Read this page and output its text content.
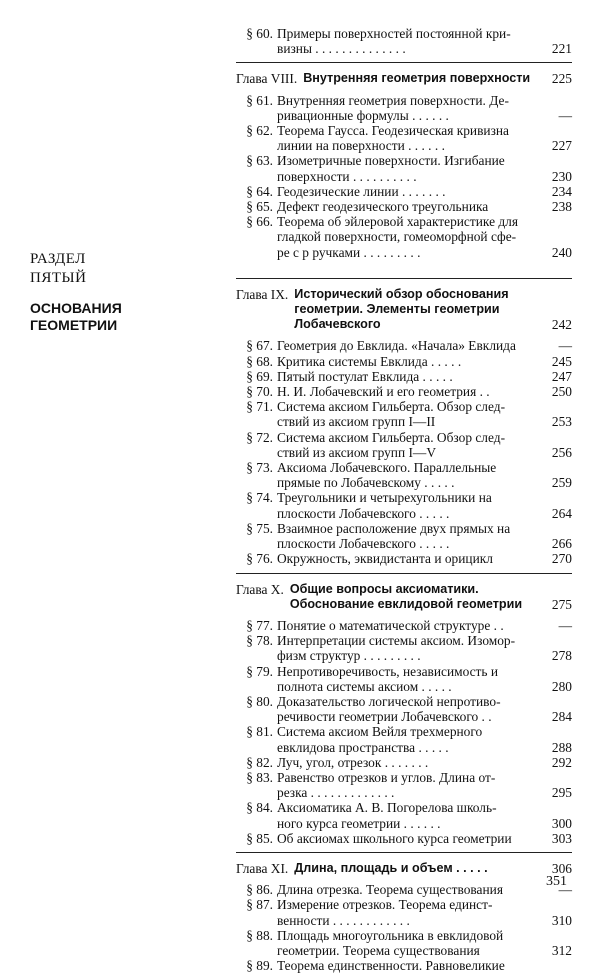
РАЗДЕЛ
ПЯТЫЙ
ОСНОВАНИЯ
ГЕОМЕТРИИ
§ 60. Примеры поверхностей постоянной кри-
визны . . . . . . . . . . . . . .	221
Глава VIII. Внутренняя геометрия поверхности	225
§ 61. Внутренняя геометрия поверхности. Де-
ривационные формулы . . . . . .	—
§ 62. Теорема Гаусса. Геодезическая кривизна
линии на поверхности . . . . . .	227
§ 63. Изометричные поверхности. Изгибание
поверхности . . . . . . . . . .	230
§ 64. Геодезические линии . . . . . . .	234
§ 65. Дефект геодезического треугольника	238
§ 66. Теорема об эйлеровой характеристике для
гладкой поверхности, гомеоморфной сфе-
ре с p ручками . . . . . . . . .	240
Глава IX. Исторический обзор обоснования
геометрии. Элементы геометрии
Лобачевского	242
§ 67. Геометрия до Евклида. «Начала» Евклида	—
§ 68. Критика системы Евклида . . . . .	245
§ 69. Пятый постулат Евклида . . . . .	247
§ 70. Н. И. Лобачевский и его геометрия . .	250
§ 71. Система аксиом Гильберта. Обзор след-
ствий из аксиом групп I—II	253
§ 72. Система аксиом Гильберта. Обзор след-
ствий из аксиом групп I—V	256
§ 73. Аксиома Лобачевского. Параллельные
прямые по Лобачевскому . . . . .	259
§ 74. Треугольники и четырехугольники на
плоскости Лобачевского . . . . .	264
§ 75. Взаимное расположение двух прямых на
плоскости Лобачевского . . . . .	266
§ 76. Окружность, эквидистанта и орицикл	270
Глава X. Общие вопросы аксиоматики.
Обоснование евклидовой геометрии	275
§ 77. Понятие о математической структуре . .	—
§ 78. Интерпретации системы аксиом. Изомор-
физм структур . . . . . . . . .	278
§ 79. Непротиворечивость, независимость и
полнота системы аксиом . . . . .	280
§ 80. Доказательство логической непротиво-
речивости геометрии Лобачевского . .	284
§ 81. Система аксиом Вейля трехмерного
евклидова пространства . . . . .	288
§ 82. Луч, угол, отрезок . . . . . . .	292
§ 83. Равенство отрезков и углов. Длина от-
резка . . . . . . . . . . . . .	295
§ 84. Аксиоматика А. В. Погорелова школь-
ного курса геометрии . . . . . .	300
§ 85. Об аксиомах школьного курса геометрии	303
Глава XI. Длина, площадь и объем . . . . .	306
§ 86. Длина отрезка. Теорема существования	—
§ 87. Измерение отрезков. Теорема единст-
венности . . . . . . . . . . . .	310
§ 88. Площадь многоугольника в евклидовой
геометрии. Теорема существования	312
§ 89. Теорема единственности. Равновеликие
351
